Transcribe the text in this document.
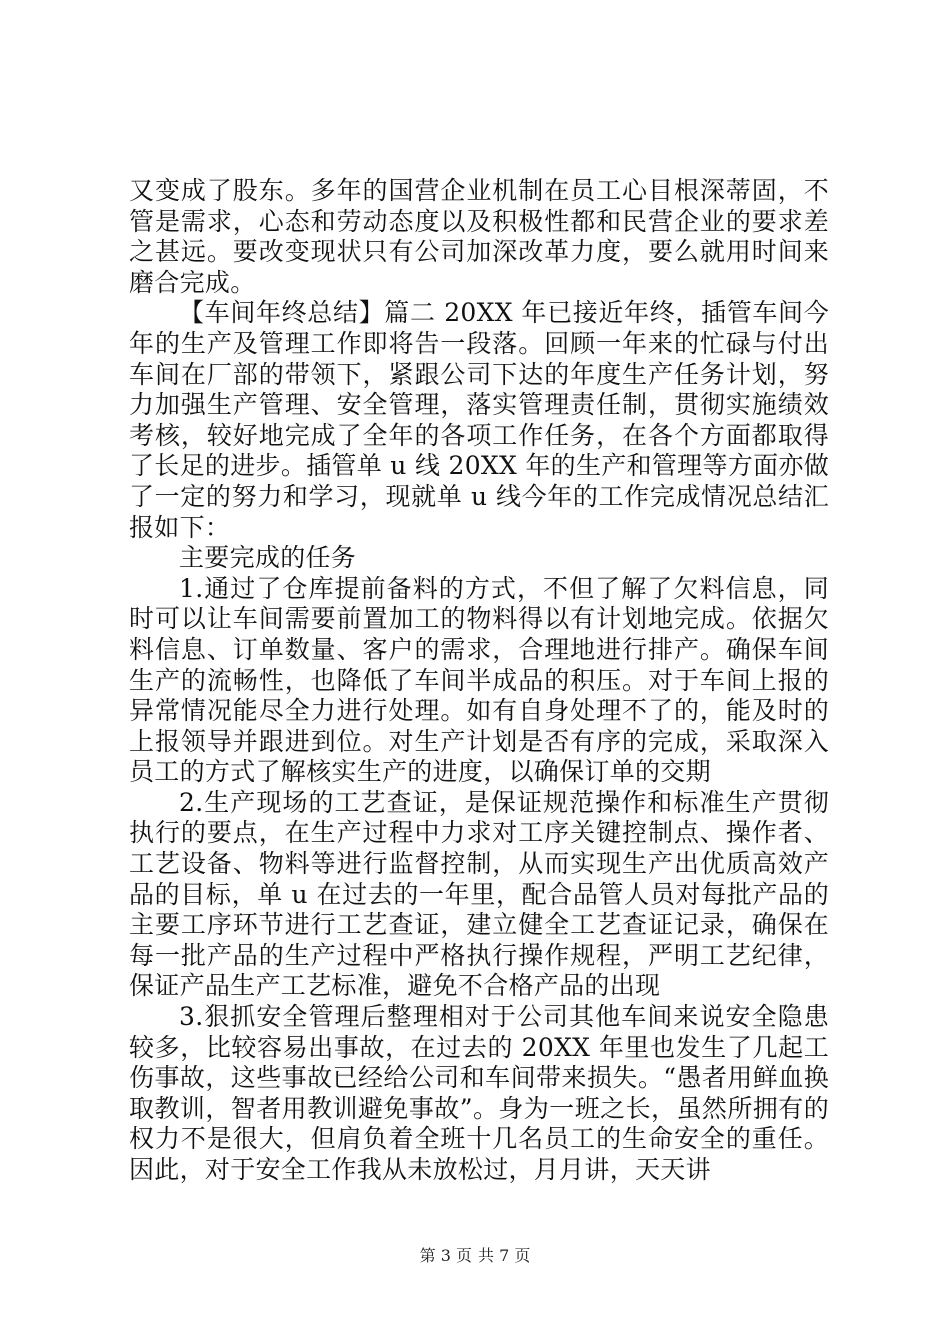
又变成了股东。多年的国营企业机制在员工心目根深蒂固，不管是需求，心态和劳动态度以及积极性都和民营企业的要求差之甚远。要改变现状只有公司加深改革力度，要么就用时间来磨合完成。

【车间年终总结】篇二 20XX 年已接近年终，插管车间今年的生产及管理工作即将告一段落。回顾一年来的忙碌与付出车间在厂部的带领下，紧跟公司下达的年度生产任务计划，努力加强生产管理、安全管理，落实管理责任制，贯彻实施绩效考核，较好地完成了全年的各项工作任务，在各个方面都取得了长足的进步。插管单 u 线 20XX 年的生产和管理等方面亦做了一定的努力和学习，现就单 u 线今年的工作完成情况总结汇报如下：

主要完成的任务

1.通过了仓库提前备料的方式，不但了解了欠料信息，同时可以让车间需要前置加工的物料得以有计划地完成。依据欠料信息、订单数量、客户的需求，合理地进行排产。确保车间生产的流畅性，也降低了车间半成品的积压。对于车间上报的异常情况能尽全力进行处理。如有自身处理不了的，能及时的上报领导并跟进到位。对生产计划是否有序的完成，采取深入员工的方式了解核实生产的进度，以确保订单的交期

2.生产现场的工艺查证，是保证规范操作和标准生产贯彻执行的要点，在生产过程中力求对工序关键控制点、操作者、工艺设备、物料等进行监督控制，从而实现生产出优质高效产品的目标，单 u 在过去的一年里，配合品管人员对每批产品的主要工序环节进行工艺查证，建立健全工艺查证记录，确保在每一批产品的生产过程中严格执行操作规程，严明工艺纪律，保证产品生产工艺标准，避免不合格产品的出现

3.狠抓安全管理后整理相对于公司其他车间来说安全隐患较多，比较容易出事故，在过去的 20XX 年里也发生了几起工伤事故，这些事故已经给公司和车间带来损失。“愚者用鲜血换取教训，智者用教训避免事故”。身为一班之长，虽然所拥有的权力不是很大，但肩负着全班十几名员工的生命安全的重任。因此，对于安全工作我从未放松过，月月讲，天天讲

第 3 页 共 7 页
